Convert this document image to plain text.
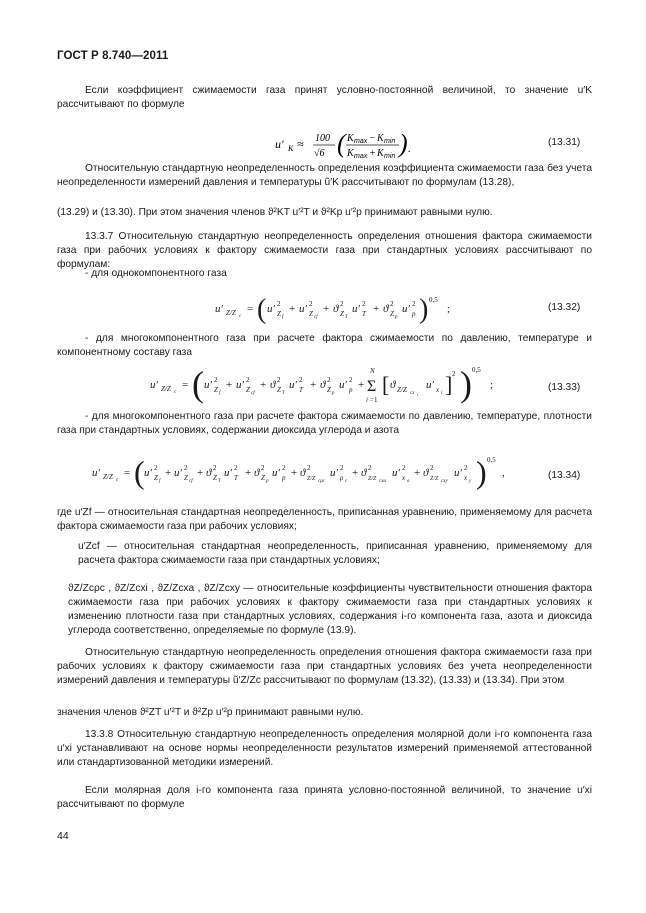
ГОСТ Р 8.740—2011
Если коэффициент сжимаемости газа принят условно-постоянной величиной, то значение u′K рассчитывают по формуле
u′ K ≈ 100
√6 ( K max − K min
K max + K min ) .	(13.31)
Относительную стандартную неопределенность определения коэффициента сжимаемости газа без учета неопределенности измерений давления и температуры ũ′K рассчитывают по формулам (13.28),
(13.29) и (13.30). При этом значения членов ϑ²KT u′²T и ϑ²Kp u′²p принимают равными нулю.
13.3.7 Относительную стандартную неопределенность определения отношения фактора сжимаемости газа при рабочих условиях к фактору сжимаемости газа при стандартных условиях рассчитывают по формулам:
- для однокомпонентного газа
u′ Z/Z c
= ( u′ 2
Z f
+ u′ 2
Z cf
+ ϑ 2
Z T
u′ 2
T + ϑ 2
Z p
u′ 2
p ) 0,5
;	(13.32)
- для многокомпонентного газа при расчете фактора сжимаемости по давлению, температуре и компонентному составу газа
u′ Z/Z c
= ( u′ 2
Z f
+ u′ 2
Z cf
+ ϑ 2
Z T
u′ 2
T + ϑ 2
Z p
u′ 2
p +
N
Σ
i =1
[ ϑ Z/Z cx i
u′ x i ] 2 ) 0,5
;	(13.33)
- для многокомпонентного газа при расчете фактора сжимаемости по давлению, температуре, плотности газа при стандартных условиях, содержании диоксида углерода и азота
u′ Z/Z c
= ( u′ 2
Z f
+ u′ 2
Z cf
+ ϑ 2
Z T
u′ 2
T + ϑ 2
Z p
u′ 2
p + ϑ 2
Z/Z cρc
u′ 2
ρ c
+ ϑ 2
Z/Z cxa
u′ 2
x a
+ ϑ 2
Z/Z cxy
u′ 2
x y ) 0,5
,	(13.34)
где u′Zf — относительная стандартная неопределенность, приписанная уравнению, применяемому для расчета фактора сжимаемости газа при рабочих условиях;
u′Zcf — относительная стандартная неопределенность, приписанная уравнению, применяемому для расчета фактора сжимаемости газа при стандартных условиях;
ϑZ/Zcρc , ϑZ/Zcxi , ϑZ/Zcxa , ϑZ/Zcxy — относительные коэффициенты чувствительности отношения фактора сжимаемости газа при рабочих условиях к фактору сжимаемости газа при стандартных условиях к изменению плотности газа при стандартных условиях, содержания i-го компонента газа, азота и диоксида углерода соответственно, определяемые по формуле (13.9).
Относительную стандартную неопределенность определения отношения фактора сжимаемости газа при рабочих условиях к фактору сжимаемости газа при стандартных условиях без учета неопределенности измерений давления и температуры ũ′Z/Zc рассчитывают по формулам (13.32), (13.33) и (13.34). При этом
значения членов ϑ²ZT u′²T и ϑ²Zp u′²p принимают равными нулю.
13.3.8 Относительную стандартную неопределенность определения молярной доли i-го компонента газа u′xi устанавливают на основе нормы неопределенности результатов измерений применяемой аттестованной или стандартизованной методики измерений.
Если молярная доля i-го компонента газа принята условно-постоянной величиной, то значение u′xi рассчитывают по формуле
44
